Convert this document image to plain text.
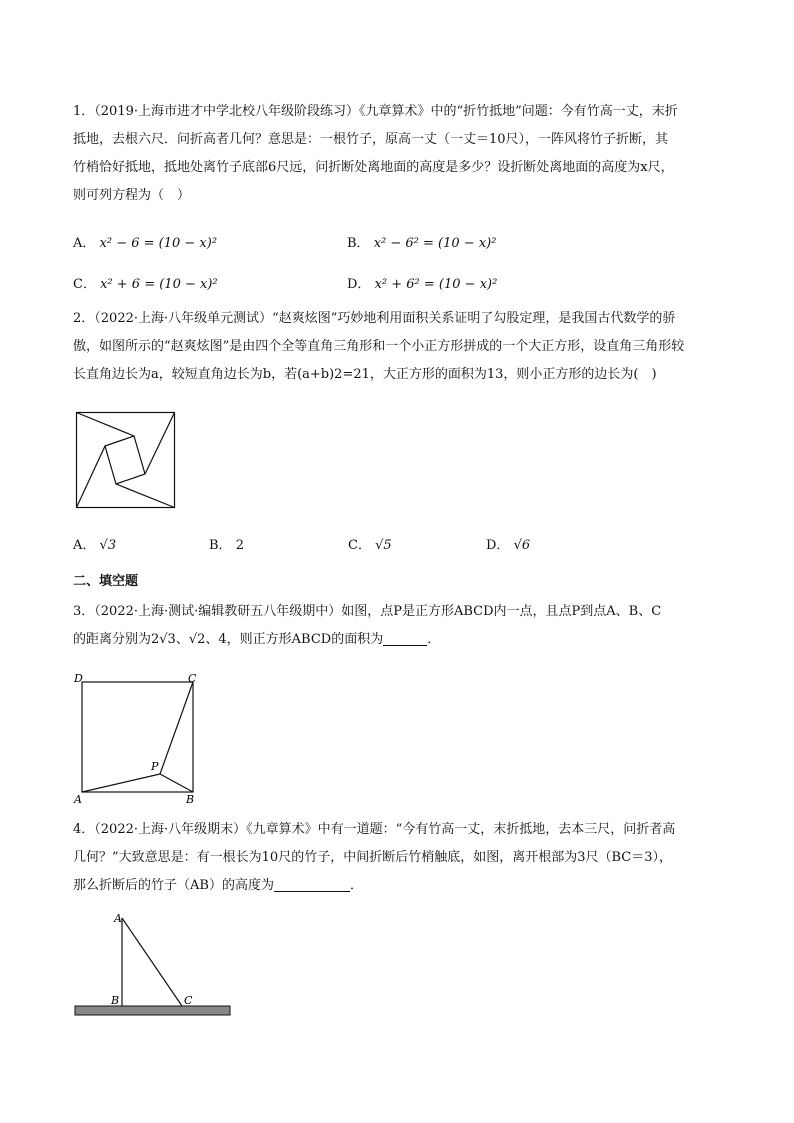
1．（2019·上海市进才中学北校八年级阶段练习）《九章算术》中的“折竹抵地”问题：今有竹高一丈，末折
抵地，去根六尺．问折高者几何？意思是：一根竹子，原高一丈（一丈＝10尺），一阵风将竹子折断，其
竹梢恰好抵地，抵地处离竹子底部6尺远，问折断处离地面的高度是多少？设折断处离地面的高度为x尺，
则可列方程为（　）
A． x² − 6 = (10 − x)²	B． x² − 6² = (10 − x)²
C． x² + 6 = (10 − x)²	D． x² + 6² = (10 − x)²
2．（2022·上海·八年级单元测试）“赵爽炫图”巧妙地利用面积关系证明了勾股定理，是我国古代数学的骄
傲，如图所示的“赵爽炫图”是由四个全等直角三角形和一个小正方形拼成的一个大正方形，设直角三角形较
长直角边长为a，较短直角边长为b，若(a+b)2=21，大正方形的面积为13，则小正方形的边长为(　)
A． √3	B． 2	C． √5	D． √6
二、填空题
3．（2022·上海·测试·编辑教研五八年级期中）如图，点P是正方形ABCD内一点，且点P到点A、B、C
的距离分别为2√3、√2、4，则正方形ABCD的面积为	．
D	C
A	B
P
4．（2022·上海·八年级期末）《九章算术》中有一道题：“今有竹高一丈，末折抵地，去本三尺，问折者高
几何？”大致意思是：有一根长为10尺的竹子，中间折断后竹梢触底，如图，离开根部为3尺（BC＝3），
那么折断后的竹子（AB）的高度为	．
A
B	C
